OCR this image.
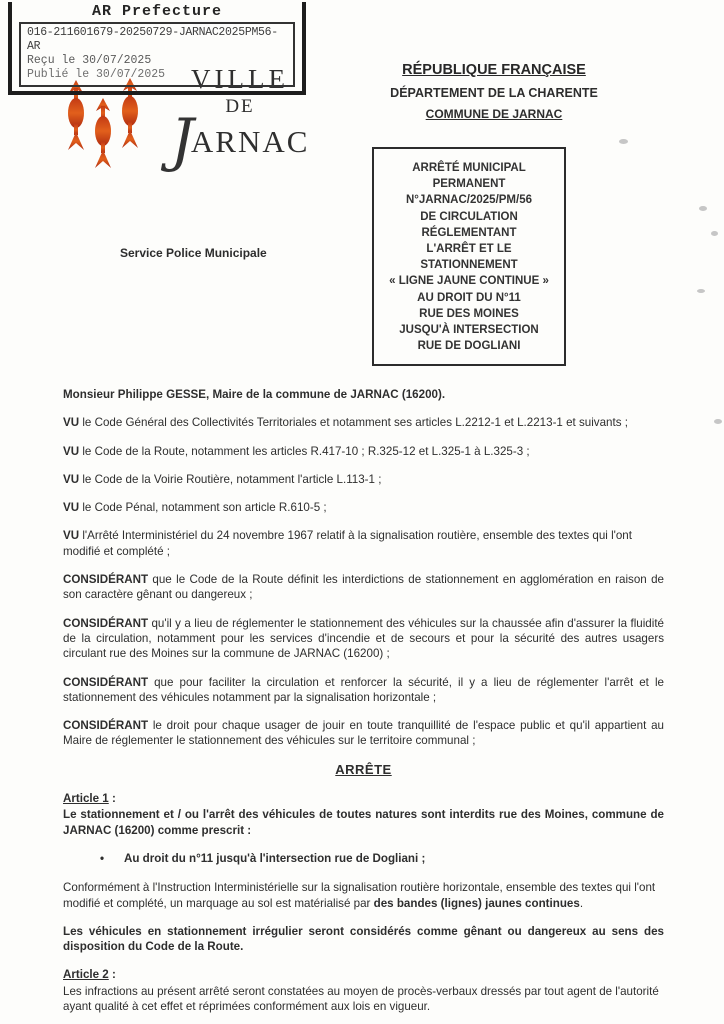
AR Prefecture
016-211601679-20250729-JARNAC2025PM56-AR
Reçu le 30/07/2025
Publié le 30/07/2025 VILLE
DE
J
ARNAC
Service Police Municipale
RÉPUBLIQUE FRANÇAISE
DÉPARTEMENT DE LA CHARENTE
COMMUNE DE JARNAC
ARRÊTÉ MUNICIPAL
PERMANENT
N°JARNAC/2025/PM/56
DE CIRCULATION
RÉGLEMENTANT
L'ARRÊT ET LE
STATIONNEMENT
« LIGNE JAUNE CONTINUE »
AU DROIT DU N°11
RUE DES MOINES
JUSQU'À INTERSECTION
RUE DE DOGLIANI

Monsieur Philippe GESSE, Maire de la commune de JARNAC (16200).

VU le Code Général des Collectivités Territoriales et notamment ses articles L.2212-1 et L.2213-1 et suivants ;

VU le Code de la Route, notamment les articles R.417-10 ; R.325-12 et L.325-1 à L.325-3 ;

VU le Code de la Voirie Routière, notamment l'article L.113-1 ;

VU le Code Pénal, notamment son article R.610-5 ;

VU l'Arrêté Interministériel du 24 novembre 1967 relatif à la signalisation routière, ensemble des textes qui l'ont modifié et complété ;

CONSIDÉRANT que le Code de la Route définit les interdictions de stationnement en agglomération en raison de son caractère gênant ou dangereux ;

CONSIDÉRANT qu'il y a lieu de réglementer le stationnement des véhicules sur la chaussée afin d'assurer la fluidité de la circulation, notamment pour les services d'incendie et de secours et pour la sécurité des autres usagers circulant rue des Moines sur la commune de JARNAC (16200) ;

CONSIDÉRANT que pour faciliter la circulation et renforcer la sécurité, il y a lieu de réglementer l'arrêt et le stationnement des véhicules notamment par la signalisation horizontale ;

CONSIDÉRANT le droit pour chaque usager de jouir en toute tranquillité de l'espace public et qu'il appartient au Maire de réglementer le stationnement des véhicules sur le territoire communal ;

ARRÊTE

Article 1 :

Le stationnement et / ou l'arrêt des véhicules de toutes natures sont interdits rue des Moines, commune de JARNAC (16200) comme prescrit :

•	Au droit du n°11 jusqu'à l'intersection rue de Dogliani ;

Conformément à l'Instruction Interministérielle sur la signalisation routière horizontale, ensemble des textes qui l'ont modifié et complété, un marquage au sol est matérialisé par des bandes (lignes) jaunes continues.

Les véhicules en stationnement irrégulier seront considérés comme gênant ou dangereux au sens des disposition du Code de la Route.

Article 2 :

Les infractions au présent arrêté seront constatées au moyen de procès-verbaux dressés par tout agent de l'autorité ayant qualité à cet effet et réprimées conformément aux lois en vigueur.
